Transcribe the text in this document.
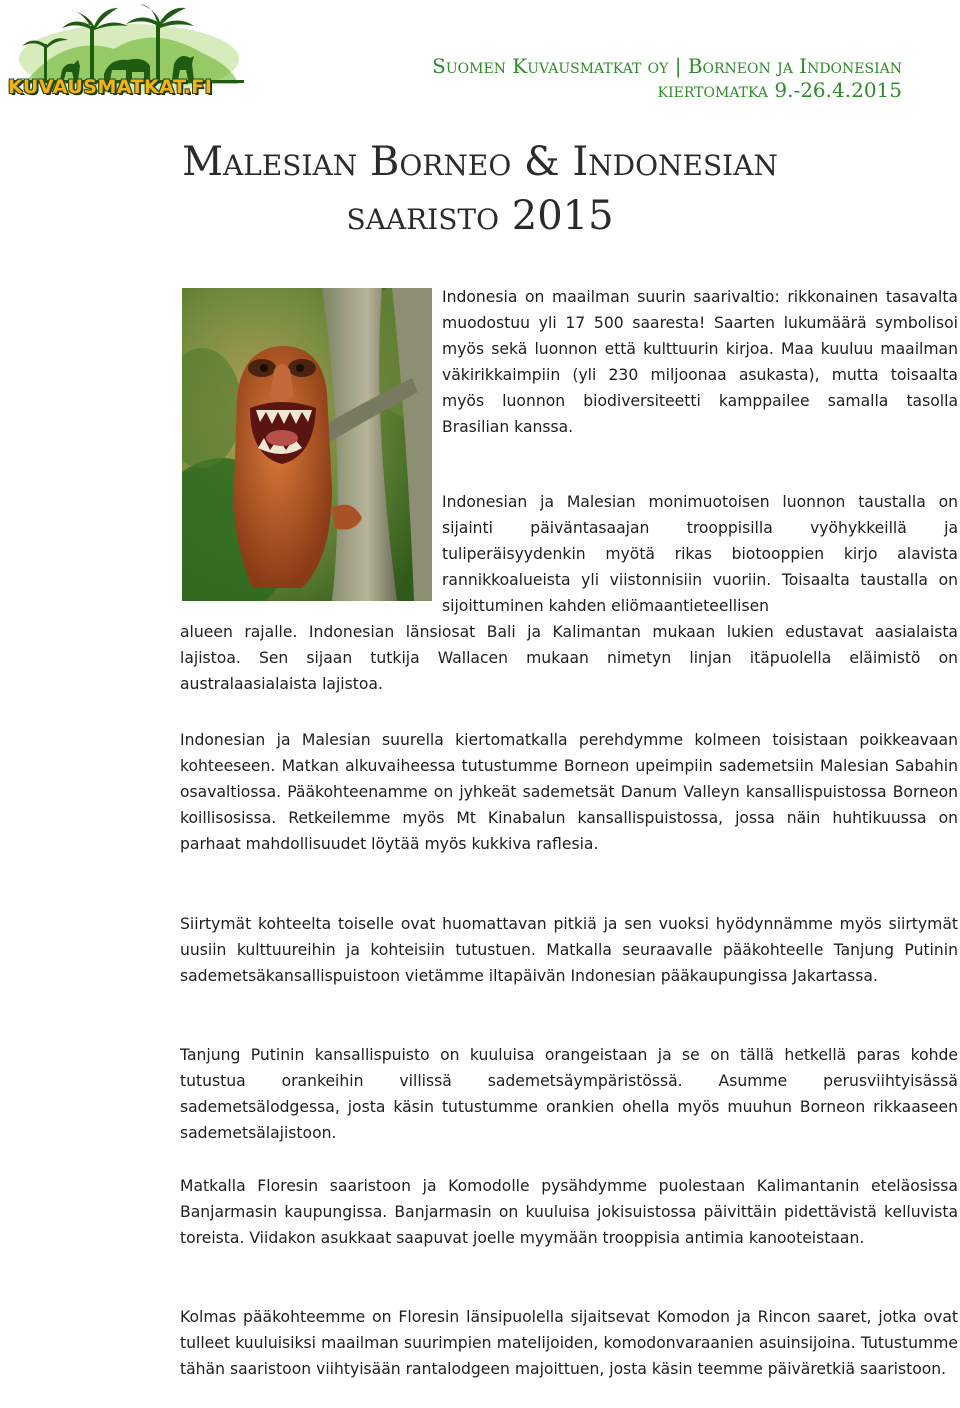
KUVAUSMATKAT.FI
Suomen Kuvausmatkat oy | Borneon ja Indonesian
kiertomatka 9.-26.4.2015
Malesian Borneo & Indonesian
saaristo 2015

Indonesia on maailman suurin saarivaltio: rikkonainen tasavalta muodostuu yli 17 500 saaresta! Saarten lukumäärä symbolisoi myös sekä luonnon että kulttuurin kirjoa. Maa kuuluu maailman väkirikkaimpiin (yli 230 miljoonaa asukasta), mutta toisaalta myös luonnon biodiversiteetti kamppailee samalla tasolla Brasilian kanssa.

Indonesian ja Malesian monimuotoisen luonnon taustalla on sijainti päiväntasaajan trooppisilla vyöhykkeillä ja tuliperäisyydenkin myötä rikas biotooppien kirjo alavista rannikkoalueista yli viistonnisiin vuoriin. Toisaalta taustalla on sijoittuminen kahden eliömaantieteellisen
alueen rajalle. Indonesian länsiosat Bali ja Kalimantan mukaan lukien edustavat aasialaista lajistoa. Sen sijaan tutkija Wallacen mukaan nimetyn linjan itäpuolella eläimistö on australaasialaista lajistoa.

Indonesian ja Malesian suurella kiertomatkalla perehdymme kolmeen toisistaan poikkeavaan kohteeseen. Matkan alkuvaiheessa tutustumme Borneon upeimpiin sademetsiin Malesian Sabahin osavaltiossa. Pääkohteenamme on jyhkeät sademetsät Danum Valleyn kansallispuistossa Borneon koillisosissa. Retkeilemme myös Mt Kinabalun kansallispuistossa, jossa näin huhtikuussa on parhaat mahdollisuudet löytää myös kukkiva raflesia.

Siirtymät kohteelta toiselle ovat huomattavan pitkiä ja sen vuoksi hyödynnämme myös siirtymät uusiin kulttuureihin ja kohteisiin tutustuen. Matkalla seuraavalle pääkohteelle Tanjung Putinin sademetsäkansallispuistoon vietämme iltapäivän Indonesian pääkaupungissa Jakartassa.

Tanjung Putinin kansallispuisto on kuuluisa orangeistaan ja se on tällä hetkellä paras kohde tutustua orankeihin villissä sademetsäympäristössä. Asumme perusviihtyisässä sademetsälodgessa, josta käsin tutustumme orankien ohella myös muuhun Borneon rikkaaseen sademetsälajistoon.

Matkalla Floresin saaristoon ja Komodolle pysähdymme puolestaan Kalimantanin eteläosissa Banjarmasin kaupungissa. Banjarmasin on kuuluisa jokisuistossa päivittäin pidettävistä kelluvista toreista. Viidakon asukkaat saapuvat joelle myymään trooppisia antimia kanooteistaan.

Kolmas pääkohteemme on Floresin länsipuolella sijaitsevat Komodon ja Rincon saaret, jotka ovat tulleet kuuluisiksi maailman suurimpien matelijoiden, komodonvaraanien asuinsijoina. Tutustumme tähän saaristoon viihtyisään rantalodgeen majoittuen, josta käsin teemme päiväretkiä saaristoon.
